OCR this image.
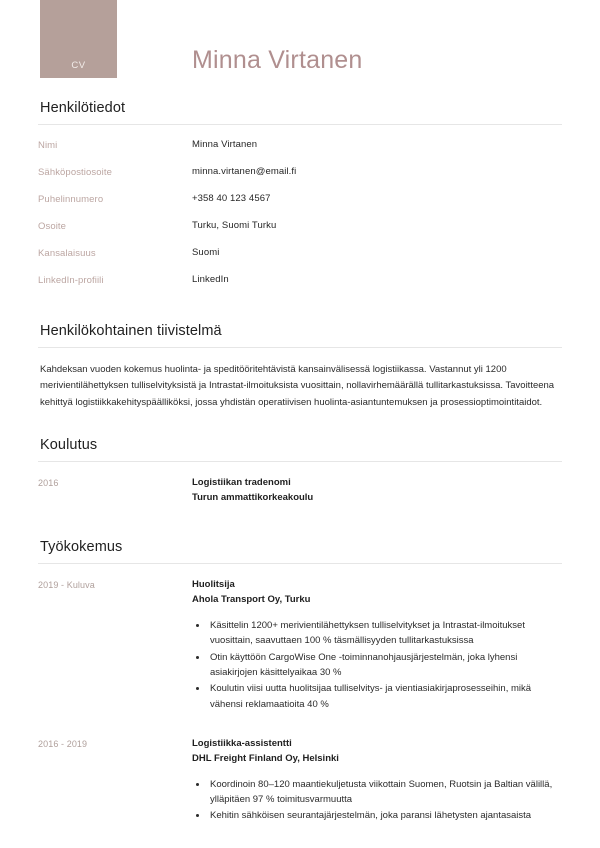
CV	Minna Virtanen
Henkilötiedot
Nimi	Minna Virtanen
Sähköpostiosoite	minna.virtanen@email.fi
Puhelinnumero	+358 40 123 4567
Osoite	Turku, Suomi Turku
Kansalaisuus	Suomi
LinkedIn-profiili	LinkedIn
Henkilökohtainen tiivistelmä

Kahdeksan vuoden kokemus huolinta- ja speditööritehtävistä kansainvälisessä logistiikassa. Vastannut yli 1200 merivientilähettyksen tulliselvityksistä ja Intrastat-ilmoituksista vuosittain, nollavirhemäärällä tullitarkastuksissa. Tavoitteena kehittyä logistiikkakehityspäälliköksi, jossa yhdistän operatiivisen huolinta-asiantuntemuksen ja prosessioptimointitaidot.

Koulutus
2016	Logistiikan tradenomi
Turun ammattikorkeakoulu
Työkokemus
2019 - Kuluva	Huolitsija
Ahola Transport Oy, Turku
• Käsittelin 1200+ merivientilähettyksen tulliselvitykset ja Intrastat-ilmoitukset vuosittain, saavuttaen 100 % täsmällisyyden tullitarkastuksissa
• Otin käyttöön CargoWise One -toiminnanohjausjärjestelmän, joka lyhensi asiakirjojen käsittelyaikaa 30 %
• Koulutin viisi uutta huolitsijaa tulliselvitys- ja vientiasiakirjaprosesseihin, mikä vähensi reklamaatioita 40 %
2016 - 2019	Logistiikka-assistentti
DHL Freight Finland Oy, Helsinki
• Koordinoin 80–120 maantiekuljetusta viikottain Suomen, Ruotsin ja Baltian välillä, ylläpitäen 97 % toimitusvarmuutta
• Kehitin sähköisen seurantajärjestelmän, joka paransi lähetysten ajantasaista
